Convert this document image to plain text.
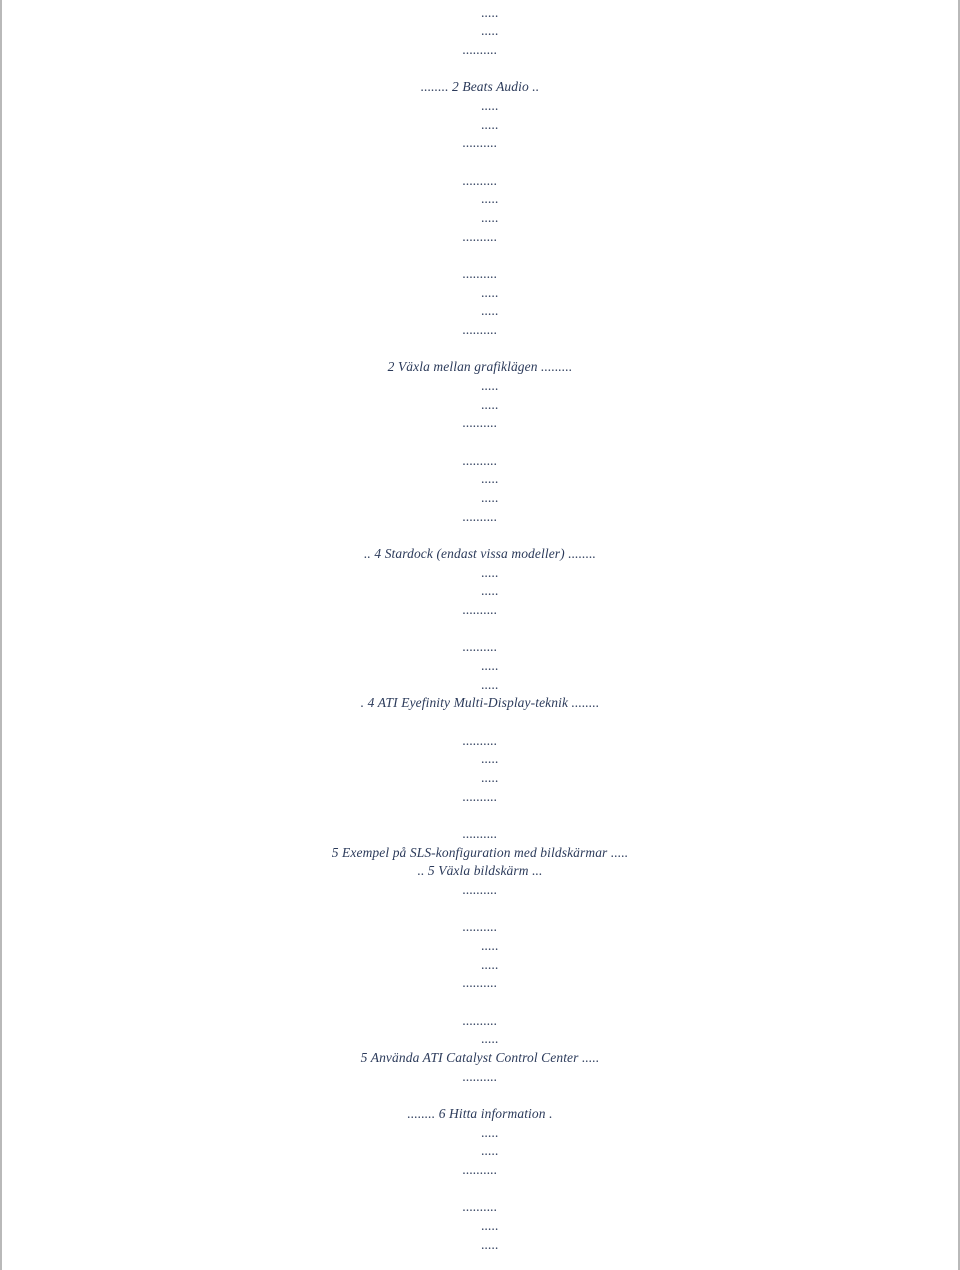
.....
.....
..........
........ 2 Beats Audio ..
.....
.....
..........
..........
.....
.....
..........
..........
.....
.....
..........
2 Växla mellan grafiklägen .........
.....
.....
..........
..........
.....
.....
..........
.. 4 Stardock (endast vissa modeller) ........
.....
.....
..........
..........
.....
.....
. 4 ATI Eyefinity Multi-Display-teknik ........
..........
.....
.....
..........
..........
5 Exempel på SLS-konfiguration med bildskärmar .....
.. 5 Växla bildskärm ...
..........
..........
.....
.....
..........
..........
.....
5 Använda ATI Catalyst Control Center .....
..........
........ 6 Hitta information .
.....
.....
..........
..........
.....
.....
